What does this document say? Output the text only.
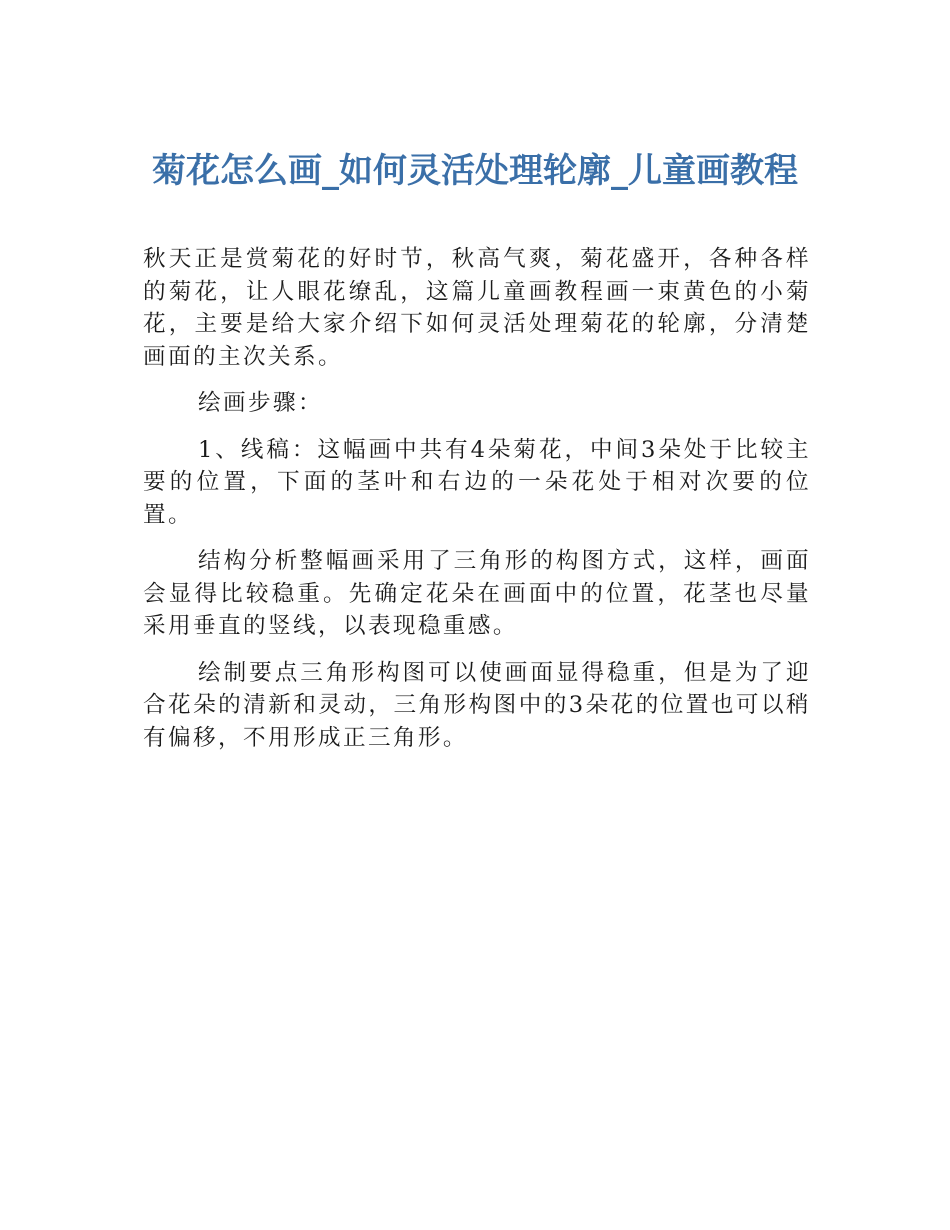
菊花怎么画_如何灵活处理轮廓_儿童画教程

秋天正是赏菊花的好时节，秋高气爽，菊花盛开，各种各样的菊花，让人眼花缭乱，这篇儿童画教程画一束黄色的小菊花，主要是给大家介绍下如何灵活处理菊花的轮廓，分清楚画面的主次关系。

绘画步骤：

1、线稿：这幅画中共有4朵菊花，中间3朵处于比较主要的位置，下面的茎叶和右边的一朵花处于相对次要的位置。

结构分析整幅画采用了三角形的构图方式，这样，画面会显得比较稳重。先确定花朵在画面中的位置，花茎也尽量采用垂直的竖线，以表现稳重感。

绘制要点三角形构图可以使画面显得稳重，但是为了迎合花朵的清新和灵动，三角形构图中的3朵花的位置也可以稍有偏移，不用形成正三角形。
